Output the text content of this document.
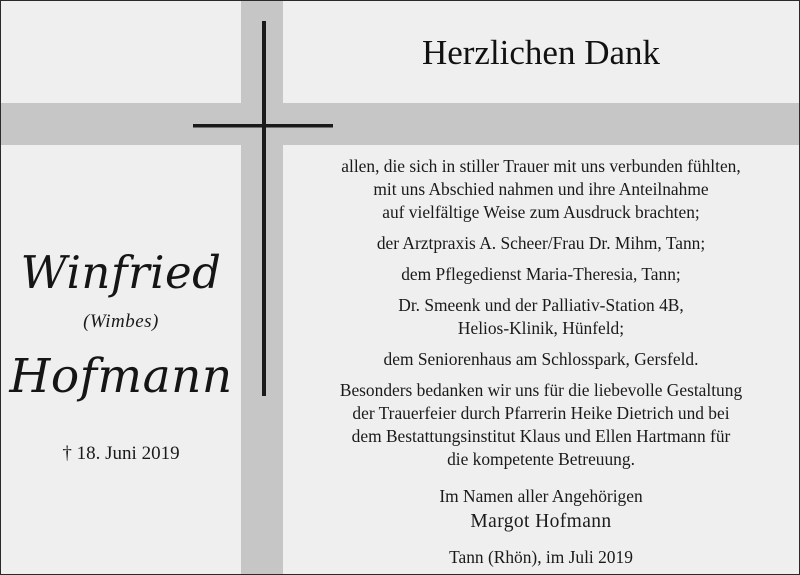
Herzlichen Dank
Winfried
(Wimbes)
Hofmann
† 18. Juni 2019
allen, die sich in stiller Trauer mit uns verbunden fühlten,
mit uns Abschied nahmen und ihre Anteilnahme
auf vielfältige Weise zum Ausdruck brachten;
der Arztpraxis A. Scheer/Frau Dr. Mihm, Tann;
dem Pflegedienst Maria-Theresia, Tann;
Dr. Smeenk und der Palliativ-Station 4B,
Helios-Klinik, Hünfeld;
dem Seniorenhaus am Schlosspark, Gersfeld.
Besonders bedanken wir uns für die liebevolle Gestaltung
der Trauerfeier durch Pfarrerin Heike Dietrich und bei
dem Bestattungsinstitut Klaus und Ellen Hartmann für
die kompetente Betreuung.
Im Namen aller Angehörigen
Margot Hofmann
Tann (Rhön), im Juli 2019
